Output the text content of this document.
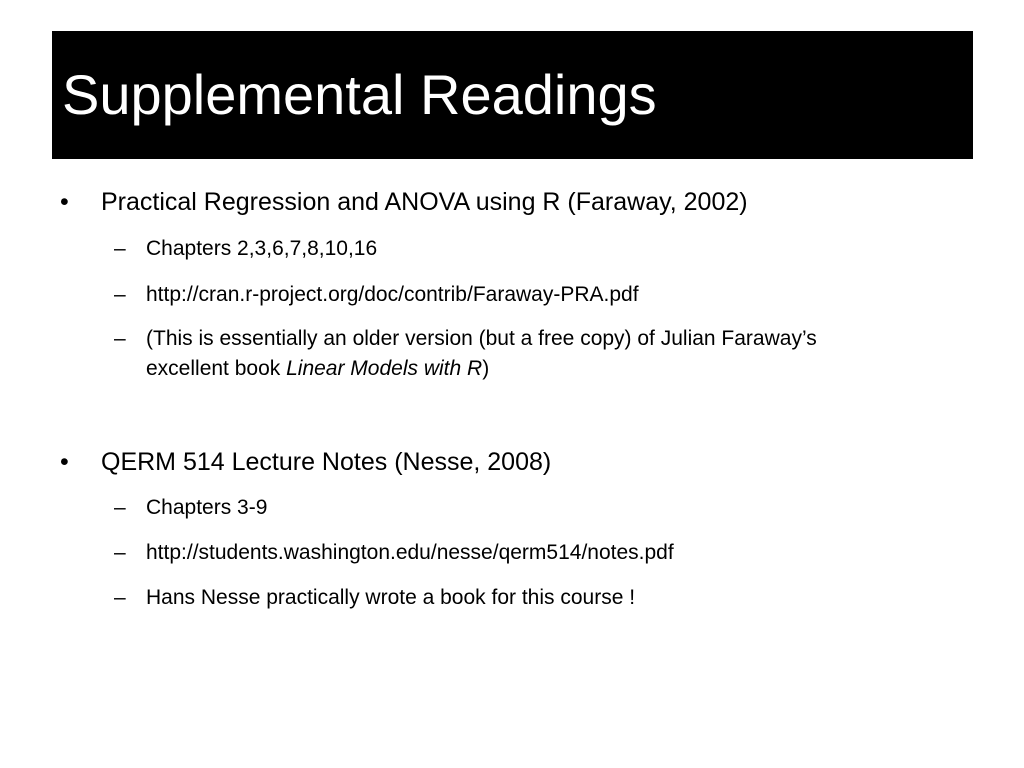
Supplemental Readings
• Practical Regression and ANOVA using R (Faraway, 2002)
– Chapters 2,3,6,7,8,10,16
– http://cran.r-project.org/doc/contrib/Faraway-PRA.pdf
– (This is essentially an older version (but a free copy) of Julian Faraway’s
excellent book Linear Models with R)
• QERM 514 Lecture Notes (Nesse, 2008)
– Chapters 3-9
– http://students.washington.edu/nesse/qerm514/notes.pdf
– Hans Nesse practically wrote a book for this course !
